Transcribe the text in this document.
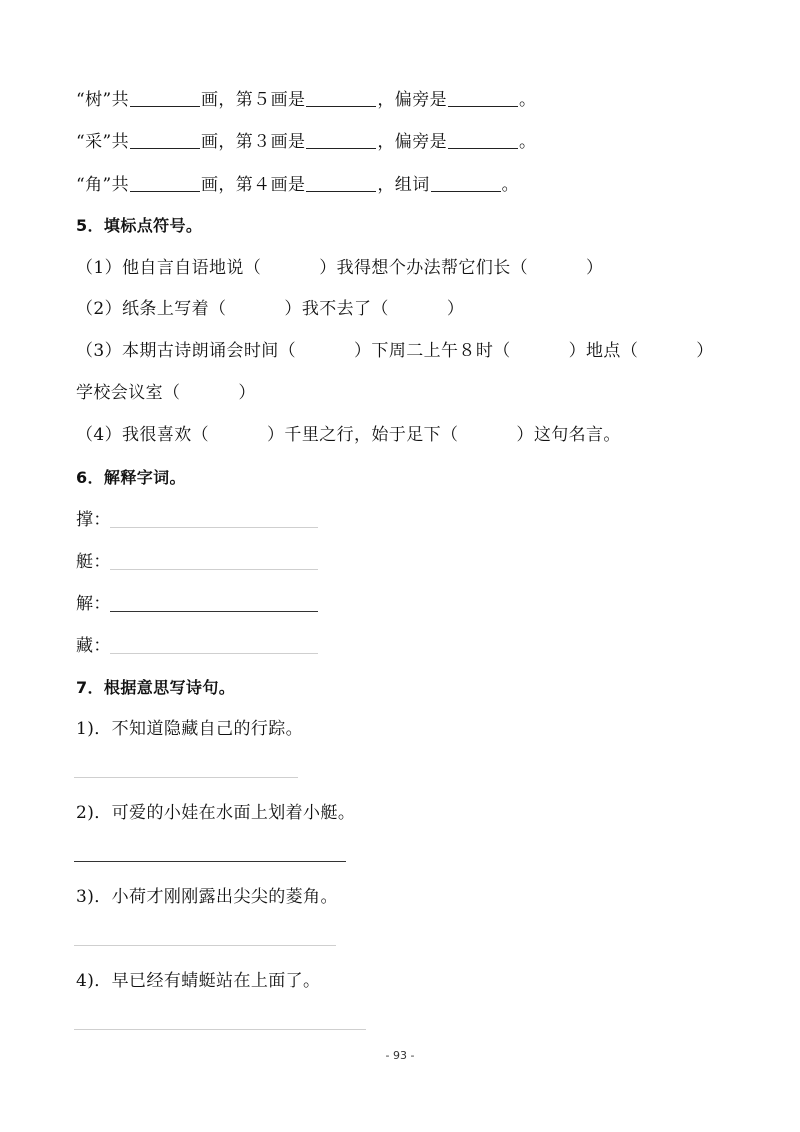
“树”共	画，第５画是	，偏旁是	。
“采”共	画，第３画是	，偏旁是	。
“角”共	画，第４画是	，组词	。
5．填标点符号。
（1）他自言自语地说（	）我得想个办法帮它们长（	）
（2）纸条上写着（	）我不去了（	）
（3）本期古诗朗诵会时间（	）下周二上午８时（	）地点（	）
学校会议室（	）
（4）我很喜欢（	）千里之行，始于足下（	）这句名言。
6．解释字词。
撑：
艇：
解：
藏：
7．根据意思写诗句。
1)．不知道隐藏自己的行踪。
2)．可爱的小娃在水面上划着小艇。
3)．小荷才刚刚露出尖尖的菱角。
4)．早已经有蜻蜓站在上面了。
- 93 -
